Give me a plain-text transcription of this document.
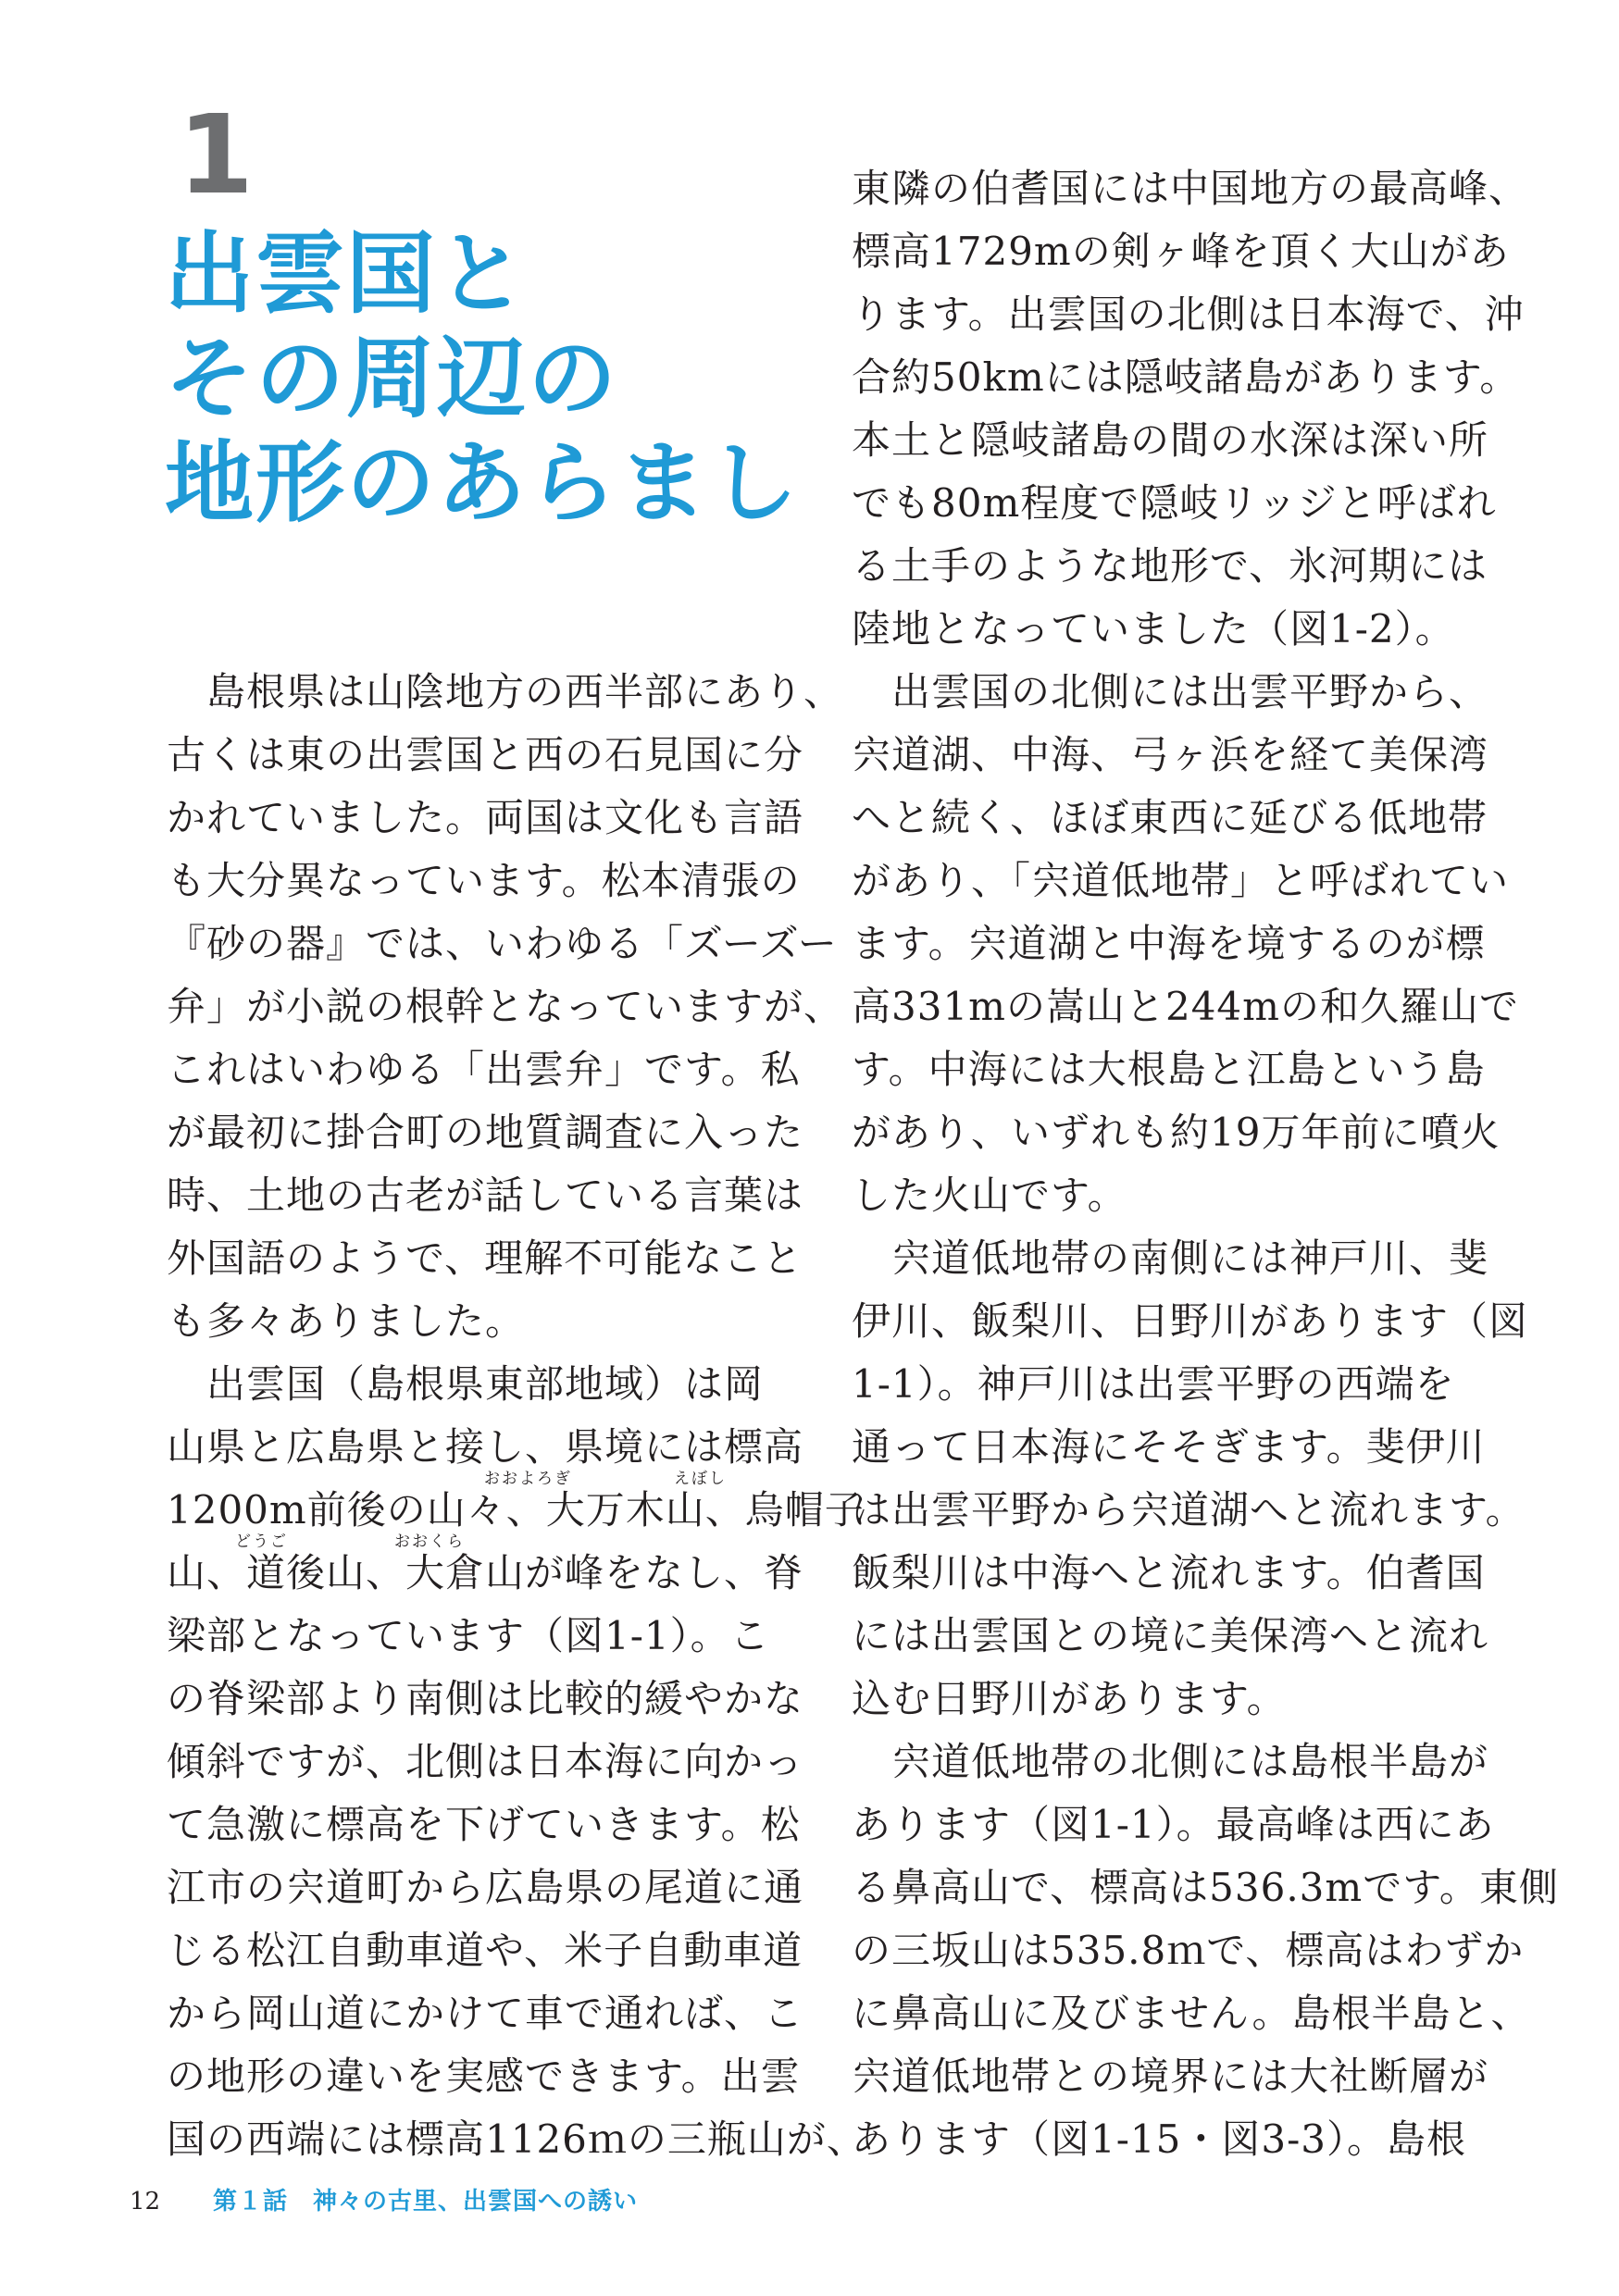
1
出雲国と
その周辺の
地形のあらまし
　島根県は山陰地方の西半部にあり、
古くは東の出雲国と西の石見国に分
かれていました。両国は文化も言語
も大分異なっています。松本清張の
『砂の器』では、いわゆる「ズーズー
弁」が小説の根幹となっていますが、
これはいわゆる「出雲弁」です。私
が最初に掛合町の地質調査に入った
時、土地の古老が話している言葉は
外国語のようで、理解不可能なこと
も多々ありました。
　出雲国（島根県東部地域）は岡
山県と広島県と接し、県境には標高
おおよろぎ	えぼし
1200m前後の山々、大万木山、烏帽子
どうご	おおくら
山、道後山、大倉山が峰をなし、脊
梁部となっています（図1-1）。こ
の脊梁部より南側は比較的緩やかな
傾斜ですが、北側は日本海に向かっ
て急激に標高を下げていきます。松
江市の宍道町から広島県の尾道に通
じる松江自動車道や、米子自動車道
から岡山道にかけて車で通れば、こ
の地形の違いを実感できます。出雲
国の西端には標高1126ｍの三瓶山が、
東隣の伯耆国には中国地方の最高峰、
標高1729mの剣ヶ峰を頂く大山があ
ります。出雲国の北側は日本海で、沖
合約50kmには隠岐諸島があります。
本土と隠岐諸島の間の水深は深い所
でも80m程度で隠岐リッジと呼ばれ
る土手のような地形で、氷河期には
陸地となっていました（図1-2）。
　出雲国の北側には出雲平野から、
宍道湖、中海、弓ヶ浜を経て美保湾
へと続く、ほぼ東西に延びる低地帯
があり、「宍道低地帯」と呼ばれてい
ます。宍道湖と中海を境するのが標
高331mの嵩山と244mの和久羅山で
す。中海には大根島と江島という島
があり、いずれも約19万年前に噴火
した火山です。
　宍道低地帯の南側には神戸川、斐
伊川、飯梨川、日野川があります（図
1-1）。神戸川は出雲平野の西端を
通って日本海にそそぎます。斐伊川
は出雲平野から宍道湖へと流れます。
飯梨川は中海へと流れます。伯耆国
には出雲国との境に美保湾へと流れ
込む日野川があります。
　宍道低地帯の北側には島根半島が
あります（図1-1）。最高峰は西にあ
る鼻高山で、標高は536.3mです。東側
の三坂山は535.8ｍで、標高はわずか
に鼻高山に及びません。島根半島と、
宍道低地帯との境界には大社断層が
あります（図1-15・図3-3）。島根
12	第１話　神々の古里、出雲国への誘い
